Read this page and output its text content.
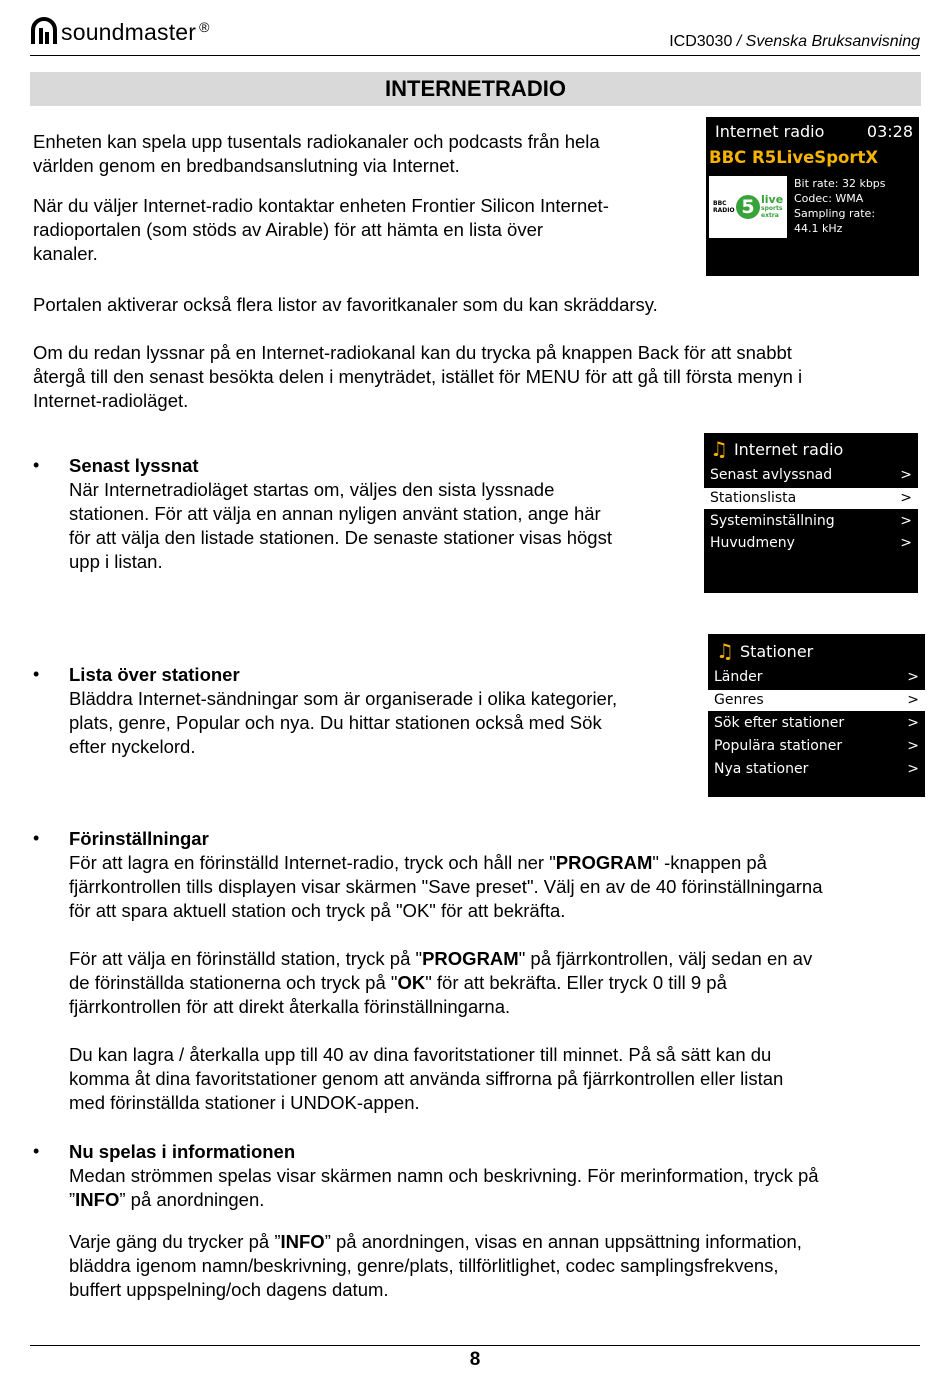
soundmaster ®
ICD3030 / Svenska Bruksanvisning
INTERNETRADIO
Enheten kan spela upp tusentals radiokanaler och podcasts från hela
världen genom en bredbandsanslutning via Internet.
När du väljer Internet-radio kontaktar enheten Frontier Silicon Internet-
radioportalen (som stöds av Airable) för att hämta en lista över
kanaler.
Portalen aktiverar också flera listor av favoritkanaler som du kan skräddarsy.
Om du redan lyssnar på en Internet-radiokanal kan du trycka på knappen Back för att snabbt
återgå till den senast besökta delen i menyträdet, istället för MENU för att gå till första menyn i
Internet-radioläget.
Internet radio	03:28
BBC R5LiveSportX
BBC
RADIO 5 live
sports
extra
Bit rate: 32 kbps
Codec: WMA
Sampling rate:
44.1 kHz
• Senast lyssnat
När Internetradioläget startas om, väljes den sista lyssnade
stationen. För att välja en annan nyligen använt station, ange här
för att välja den listade stationen. De senaste stationer visas högst
upp i listan.
♫ Internet radio
Senast avlyssnad	>
Stationslista	>
Systeminställning	>
Huvudmeny	>
• Lista över stationer
Bläddra Internet-sändningar som är organiserade i olika kategorier,
plats, genre, Popular och nya. Du hittar stationen också med Sök
efter nyckelord.
♫ Stationer
Länder	>
Genres	>
Sök efter stationer	>
Populära stationer	>
Nya stationer	>
• Förinställningar
För att lagra en förinställd Internet-radio, tryck och håll ner "PROGRAM" -knappen på
fjärrkontrollen tills displayen visar skärmen "Save preset". Välj en av de 40 förinställningarna
för att spara aktuell station och tryck på "OK" för att bekräfta.
För att välja en förinställd station, tryck på "PROGRAM" på fjärrkontrollen, välj sedan en av
de förinställda stationerna och tryck på "OK" för att bekräfta. Eller tryck 0 till 9 på
fjärrkontrollen för att direkt återkalla förinställningarna.
Du kan lagra / återkalla upp till 40 av dina favoritstationer till minnet. På så sätt kan du
komma åt dina favoritstationer genom att använda siffrorna på fjärrkontrollen eller listan
med förinställda stationer i UNDOK-appen.
• Nu spelas i informationen
Medan strömmen spelas visar skärmen namn och beskrivning. För merinformation, tryck på
”INFO” på anordningen.
Varje gäng du trycker på ”INFO” på anordningen, visas en annan uppsättning information,
bläddra igenom namn/beskrivning, genre/plats, tillförlitlighet, codec samplingsfrekvens,
buffert uppspelning/och dagens datum.
8
